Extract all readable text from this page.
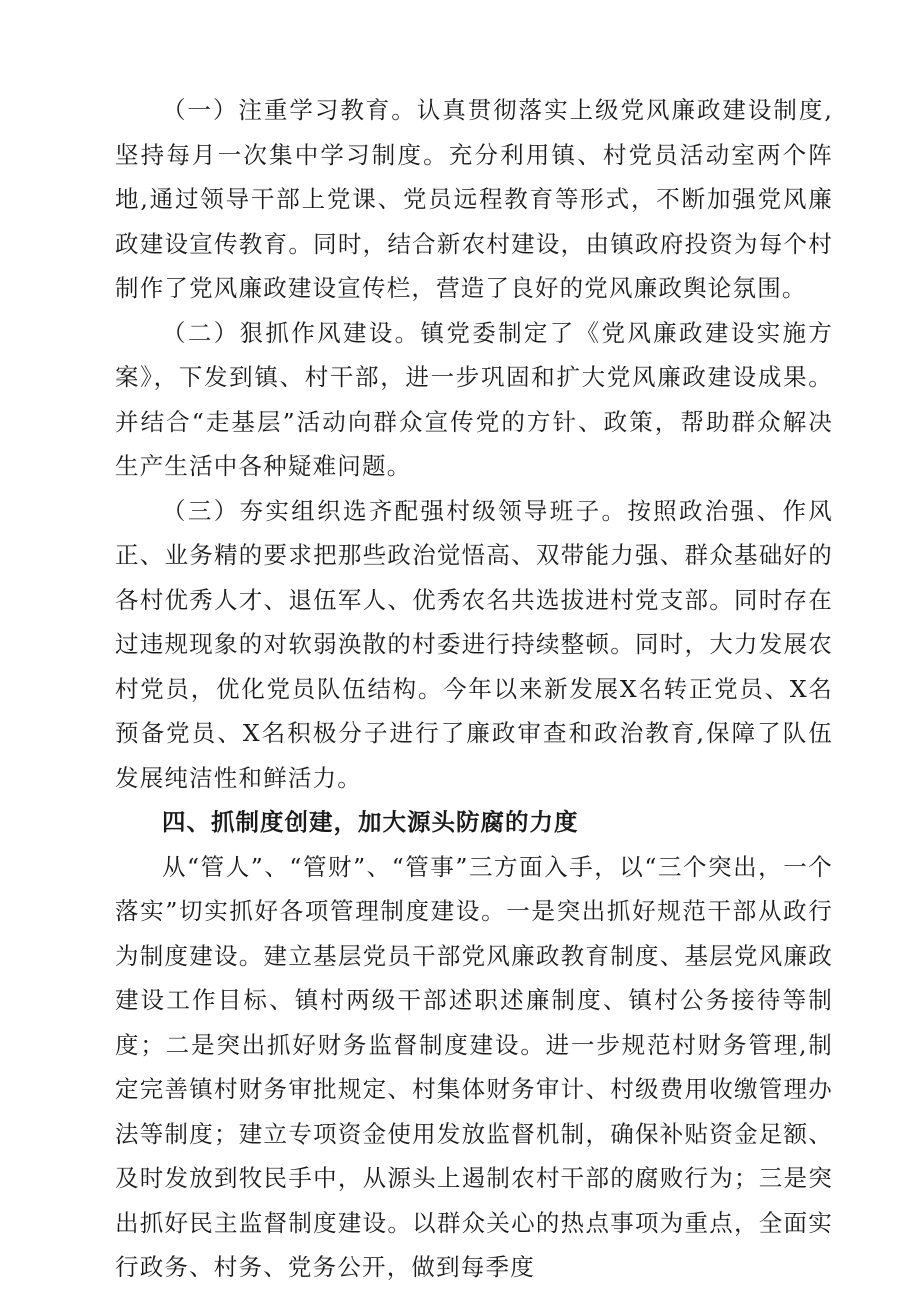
（一）注重学习教育。认真贯彻落实上级党风廉政建设制度,坚持每月一次集中学习制度。充分利用镇、村党员活动室两个阵地,通过领导干部上党课、党员远程教育等形式，不断加强党风廉政建设宣传教育。同时，结合新农村建设，由镇政府投资为每个村制作了党风廉政建设宣传栏，营造了良好的党风廉政舆论氛围。

（二）狠抓作风建设。镇党委制定了《党风廉政建设实施方案》，下发到镇、村干部，进一步巩固和扩大党风廉政建设成果。并结合“走基层”活动向群众宣传党的方针、政策，帮助群众解决生产生活中各种疑难问题。

（三）夯实组织选齐配强村级领导班子。按照政治强、作风正、业务精的要求把那些政治觉悟高、双带能力强、群众基础好的各村优秀人才、退伍军人、优秀农名共选拔进村党支部。同时存在过违规现象的对软弱涣散的村委进行持续整顿。同时，大力发展农村党员，优化党员队伍结构。今年以来新发展X名转正党员、X名预备党员、X名积极分子进行了廉政审查和政治教育,保障了队伍发展纯洁性和鲜活力。

四、抓制度创建，加大源头防腐的力度

从“管人”、“管财”、“管事”三方面入手，以“三个突出，一个落实”切实抓好各项管理制度建设。一是突出抓好规范干部从政行为制度建设。建立基层党员干部党风廉政教育制度、基层党风廉政建设工作目标、镇村两级干部述职述廉制度、镇村公务接待等制度；二是突出抓好财务监督制度建设。进一步规范村财务管理,制定完善镇村财务审批规定、村集体财务审计、村级费用收缴管理办法等制度；建立专项资金使用发放监督机制，确保补贴资金足额、及时发放到牧民手中，从源头上遏制农村干部的腐败行为；三是突出抓好民主监督制度建设。以群众关心的热点事项为重点，全面实行政务、村务、党务公开，做到每季度
